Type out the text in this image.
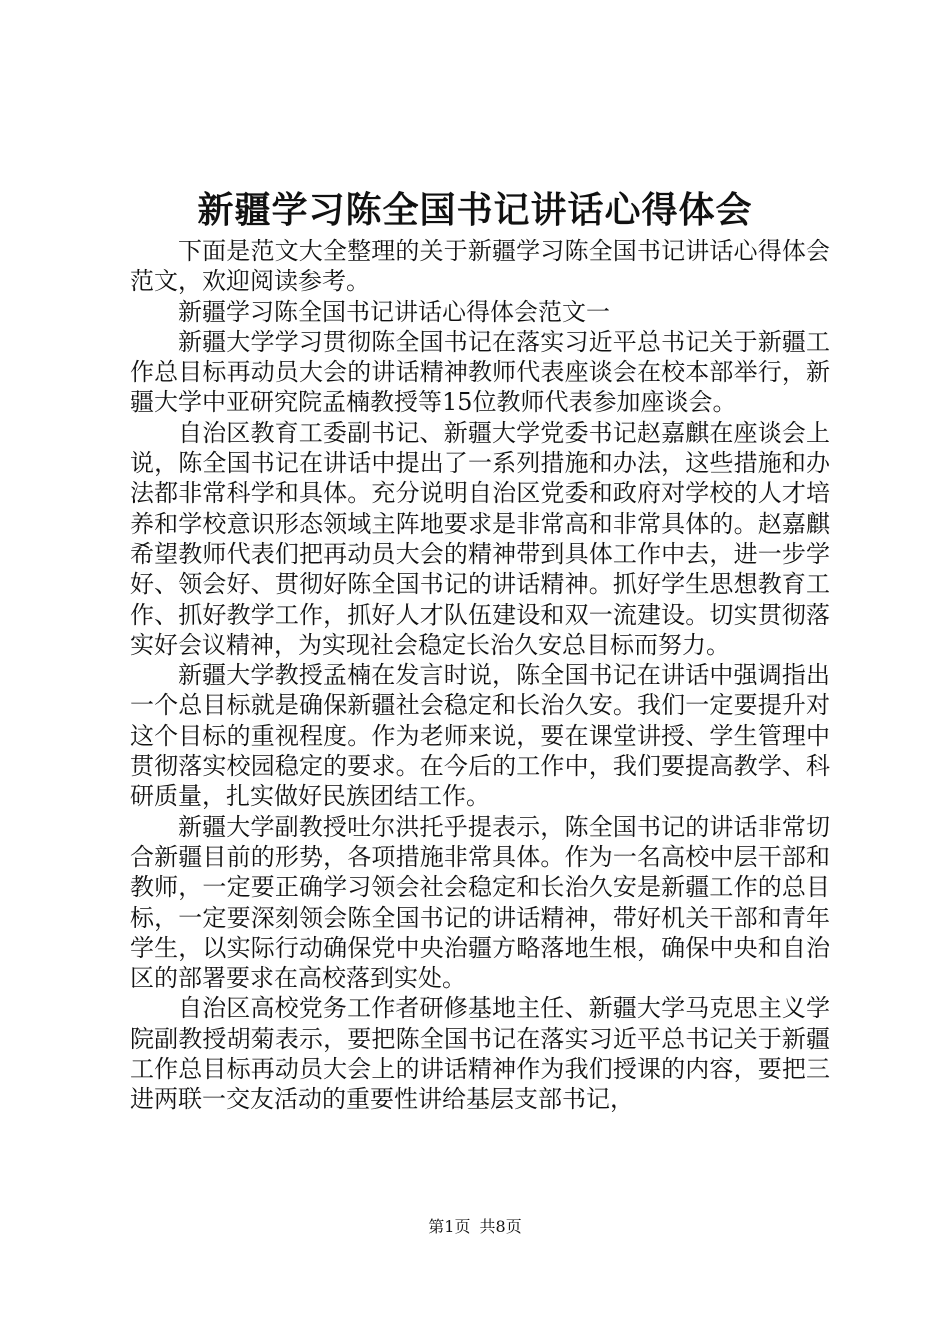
新疆学习陈全国书记讲话心得体会

下面是范文大全整理的关于新疆学习陈全国书记讲话心得体会范文，欢迎阅读参考。

新疆学习陈全国书记讲话心得体会范文一

新疆大学学习贯彻陈全国书记在落实习近平总书记关于新疆工作总目标再动员大会的讲话精神教师代表座谈会在校本部举行，新疆大学中亚研究院孟楠教授等15位教师代表参加座谈会。

自治区教育工委副书记、新疆大学党委书记赵嘉麒在座谈会上说，陈全国书记在讲话中提出了一系列措施和办法，这些措施和办法都非常科学和具体。充分说明自治区党委和政府对学校的人才培养和学校意识形态领域主阵地要求是非常高和非常具体的。赵嘉麒希望教师代表们把再动员大会的精神带到具体工作中去，进一步学好、领会好、贯彻好陈全国书记的讲话精神。抓好学生思想教育工作、抓好教学工作，抓好人才队伍建设和双一流建设。切实贯彻落实好会议精神，为实现社会稳定长治久安总目标而努力。

新疆大学教授孟楠在发言时说，陈全国书记在讲话中强调指出一个总目标就是确保新疆社会稳定和长治久安。我们一定要提升对这个目标的重视程度。作为老师来说，要在课堂讲授、学生管理中贯彻落实校园稳定的要求。在今后的工作中，我们要提高教学、科研质量，扎实做好民族团结工作。

新疆大学副教授吐尔洪托乎提表示，陈全国书记的讲话非常切合新疆目前的形势，各项措施非常具体。作为一名高校中层干部和教师，一定要正确学习领会社会稳定和长治久安是新疆工作的总目标，一定要深刻领会陈全国书记的讲话精神，带好机关干部和青年学生，以实际行动确保党中央治疆方略落地生根，确保中央和自治区的部署要求在高校落到实处。

自治区高校党务工作者研修基地主任、新疆大学马克思主义学院副教授胡菊表示，要把陈全国书记在落实习近平总书记关于新疆工作总目标再动员大会上的讲话精神作为我们授课的内容，要把三进两联一交友活动的重要性讲给基层支部书记，

第1页 共8页
